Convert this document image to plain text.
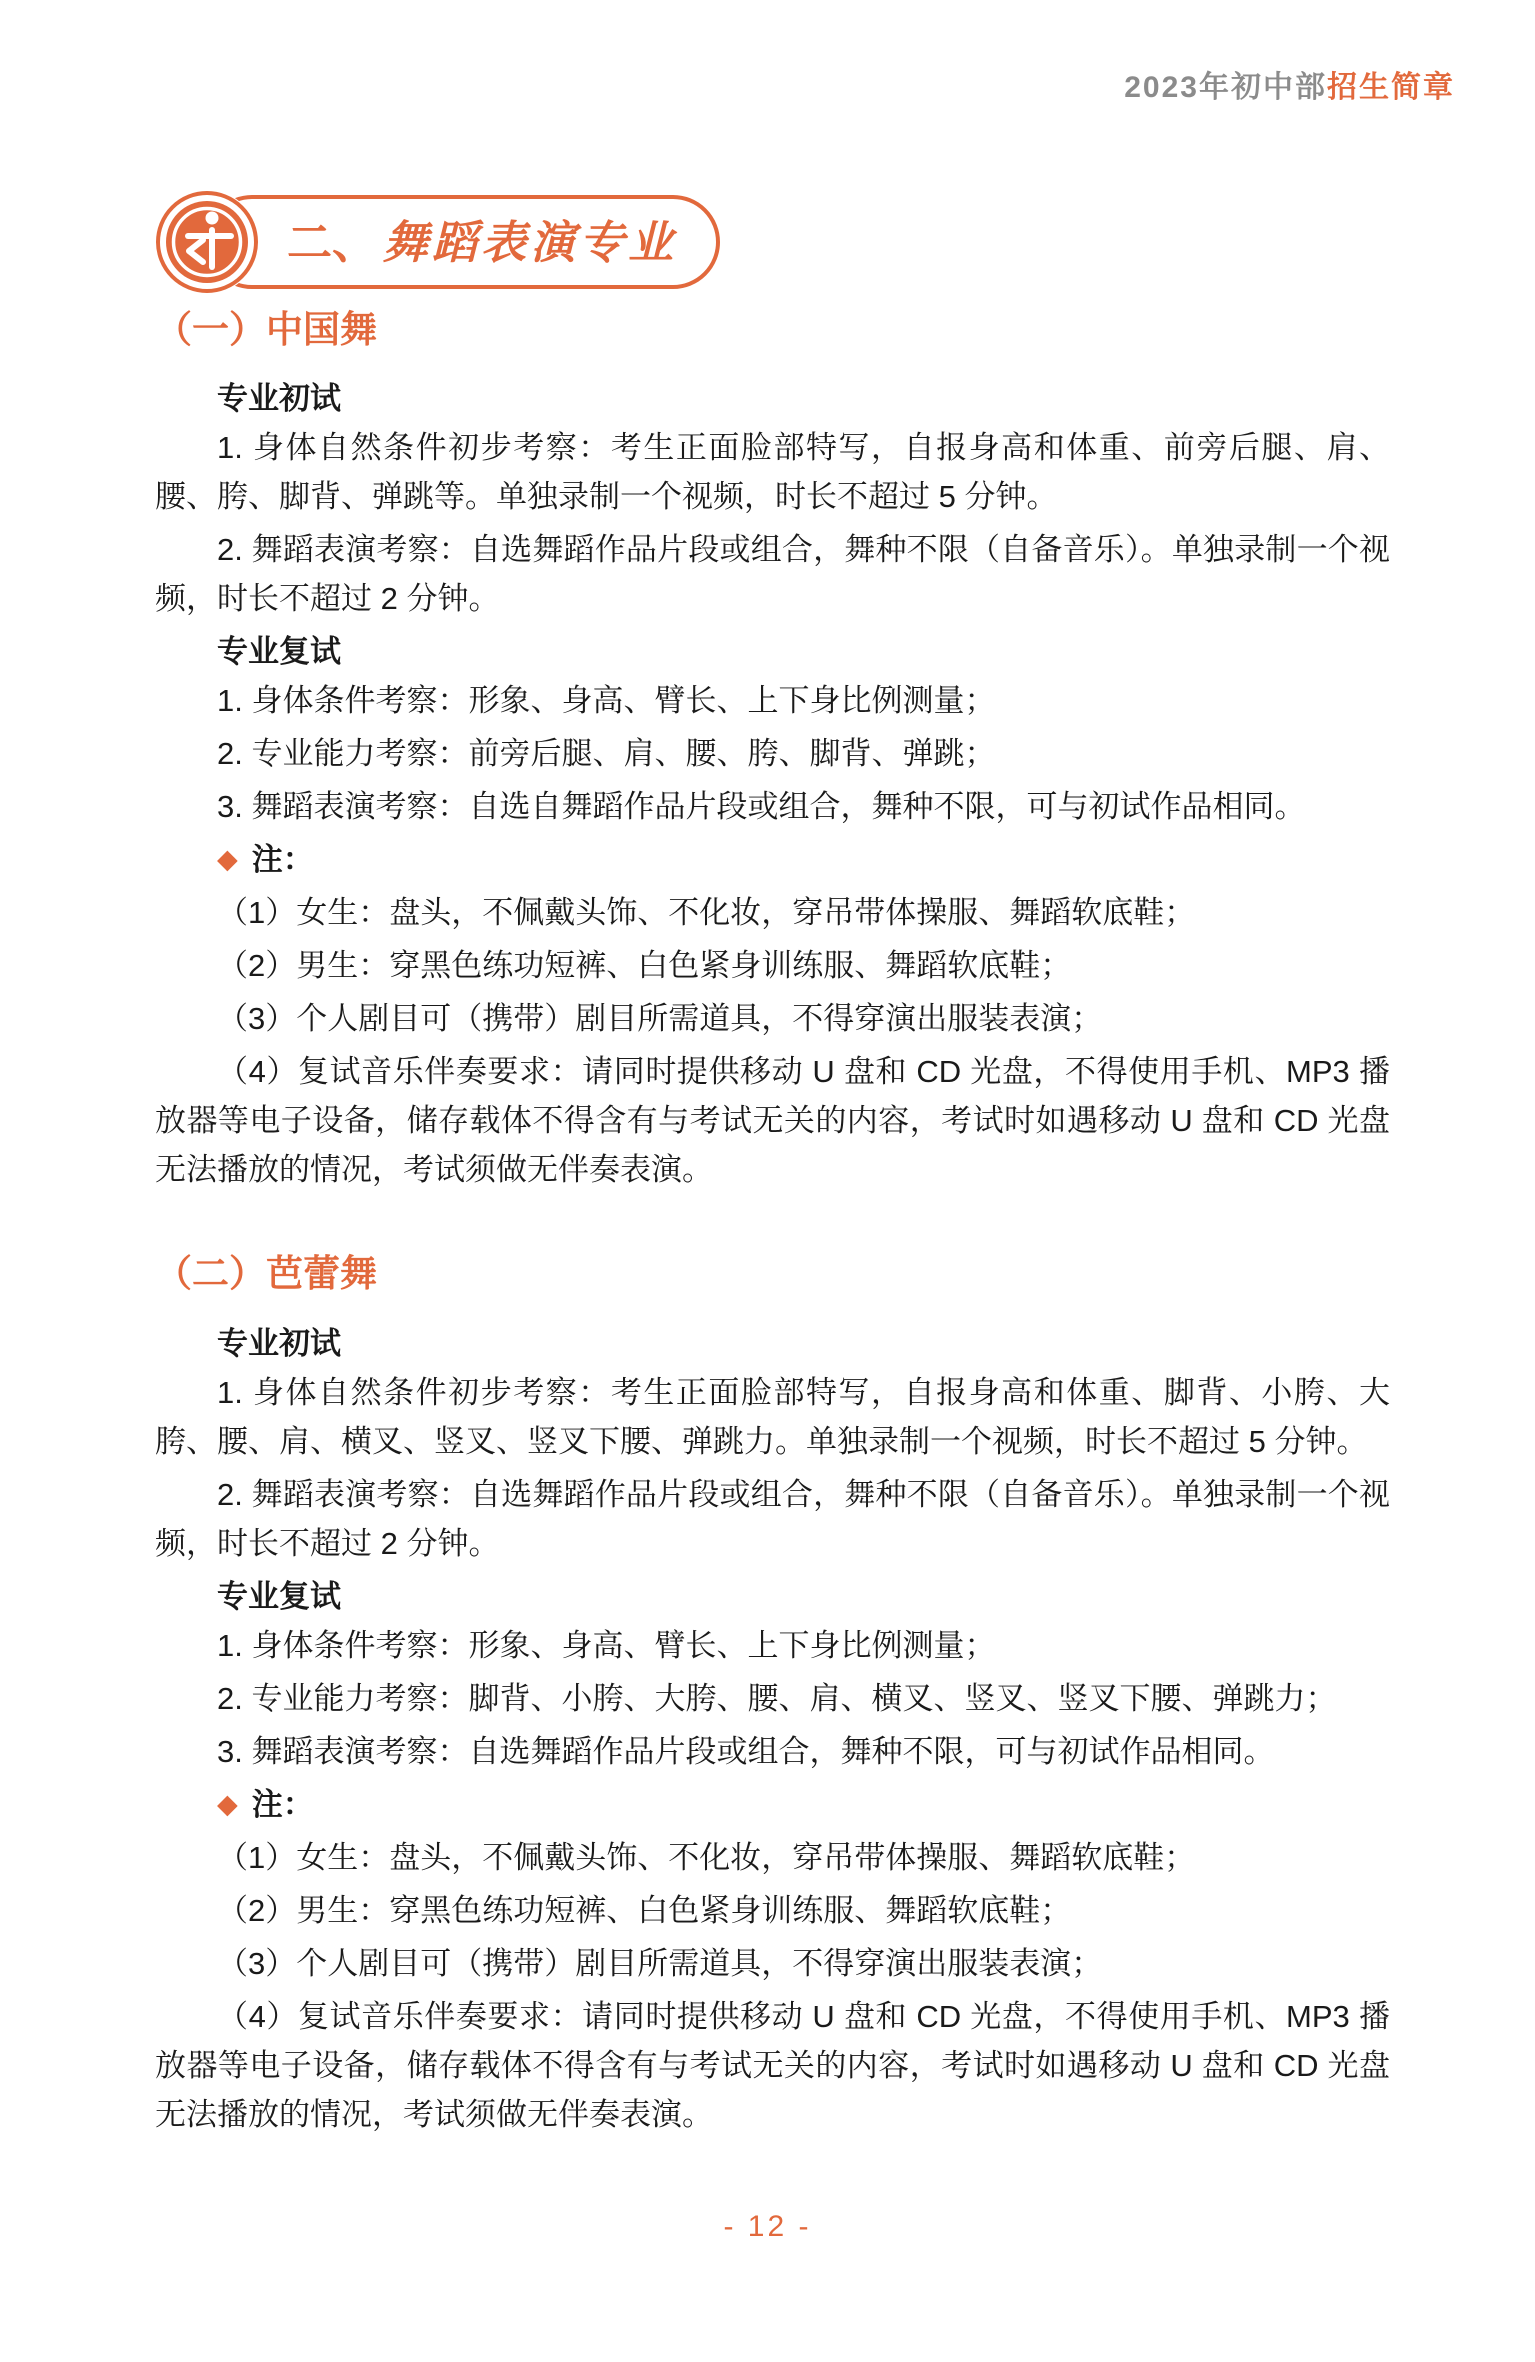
2023年初中部招生简章
二、 舞蹈表演专业
（一）中国舞
专业初试

1. 身体自然条件初步考察：考生正面脸部特写，自报身高和体重、前旁后腿、肩、腰、胯、脚背、弹跳等。单独录制一个视频，时长不超过 5 分钟。

2. 舞蹈表演考察：自选舞蹈作品片段或组合，舞种不限（自备音乐）。单独录制一个视频，时长不超过 2 分钟。

专业复试

1. 身体条件考察：形象、身高、臂长、上下身比例测量；

2. 专业能力考察：前旁后腿、肩、腰、胯、脚背、弹跳；

3. 舞蹈表演考察：自选自舞蹈作品片段或组合，舞种不限，可与初试作品相同。

◆ 注：

（1）女生：盘头，不佩戴头饰、不化妆，穿吊带体操服、舞蹈软底鞋；

（2）男生：穿黑色练功短裤、白色紧身训练服、舞蹈软底鞋；

（3）个人剧目可（携带）剧目所需道具，不得穿演出服装表演；

（4）复试音乐伴奏要求：请同时提供移动 U 盘和 CD 光盘，不得使用手机、MP3 播放器等电子设备，储存载体不得含有与考试无关的内容，考试时如遇移动 U 盘和 CD 光盘无法播放的情况，考试须做无伴奏表演。

（二）芭蕾舞
专业初试

1. 身体自然条件初步考察：考生正面脸部特写，自报身高和体重、脚背、小胯、大胯、腰、肩、横叉、竖叉、竖叉下腰、弹跳力。单独录制一个视频，时长不超过 5 分钟。

2. 舞蹈表演考察：自选舞蹈作品片段或组合，舞种不限（自备音乐）。单独录制一个视频，时长不超过 2 分钟。

专业复试

1. 身体条件考察：形象、身高、臂长、上下身比例测量；

2. 专业能力考察：脚背、小胯、大胯、腰、肩、横叉、竖叉、竖叉下腰、弹跳力；

3. 舞蹈表演考察：自选舞蹈作品片段或组合，舞种不限，可与初试作品相同。

◆ 注：

（1）女生：盘头，不佩戴头饰、不化妆，穿吊带体操服、舞蹈软底鞋；

（2）男生：穿黑色练功短裤、白色紧身训练服、舞蹈软底鞋；

（3）个人剧目可（携带）剧目所需道具，不得穿演出服装表演；

（4）复试音乐伴奏要求：请同时提供移动 U 盘和 CD 光盘，不得使用手机、MP3 播放器等电子设备，储存载体不得含有与考试无关的内容，考试时如遇移动 U 盘和 CD 光盘无法播放的情况，考试须做无伴奏表演。

- 12 -
